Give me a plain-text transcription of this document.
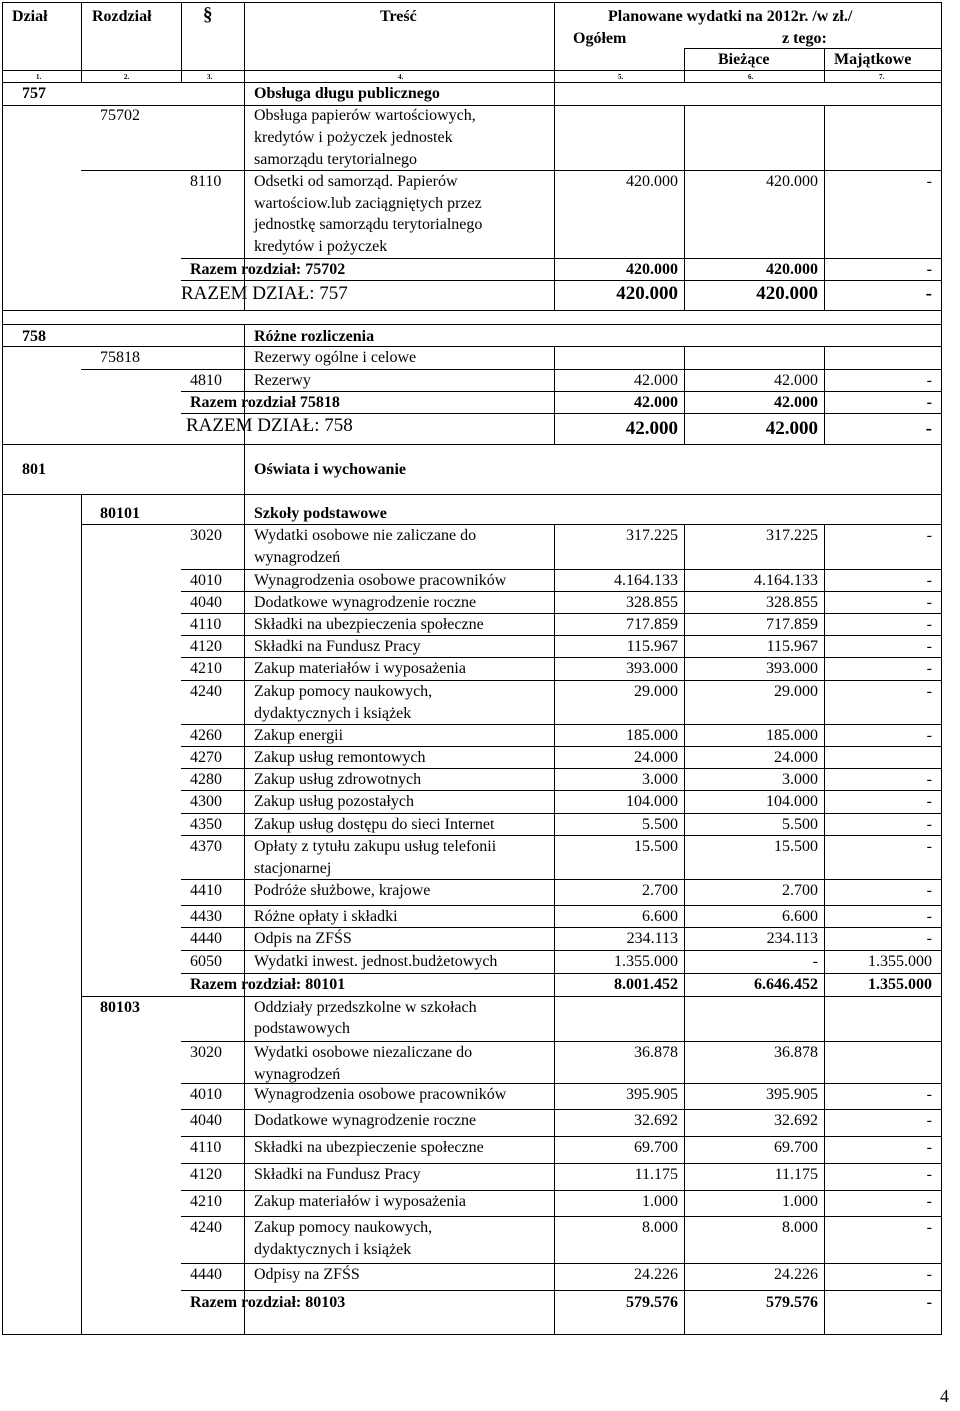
Dział	Rozdział	§	Treść	Planowane wydatki na 2012r. /w zł./
Ogółem	z tego:
Bieżące	Majątkowe
1.	2.	3.	4.	5.	6.	7.
757	Obsługa długu publicznego
75702	Obsługa papierów wartościowych,
kredytów i pożyczek jednostek
samorządu terytorialnego
8110 Odsetki od samorząd. Papierów
wartościow.lub zaciągniętych przez
jednostkę samorządu terytorialnego
kredytów i pożyczek
420.000	420.000	-
Razem rozdział: 75702	420.000	420.000	-
RAZEM DZIAŁ: 757	420.000	420.000	-
758	Różne rozliczenia
75818	Rezerwy ogólne i celowe
4810 Rezerwy	42.000	42.000	-
Razem rozdział 75818	42.000	42.000	-
RAZEM DZIAŁ: 758	42.000	42.000	-
801	Oświata i wychowanie
80101	Szkoły podstawowe
4
3020 Wydatki osobowe nie zaliczane do
wynagrodzeń
317.225	317.225	-
4010 Wynagrodzenia osobowe pracowników	4.164.133	4.164.133	-
4040 Dodatkowe wynagrodzenie roczne	328.855	328.855	-
4110 Składki na ubezpieczenia społeczne	717.859	717.859	-
4120 Składki na Fundusz Pracy	115.967	115.967	-
4210 Zakup materiałów i wyposażenia	393.000	393.000	-
4240 Zakup pomocy naukowych,
dydaktycznych i książek
29.000	29.000	-
4260 Zakup energii	185.000	185.000	-
4270 Zakup usług remontowych	24.000	24.000
4280 Zakup usług zdrowotnych	3.000	3.000	-
4300 Zakup usług pozostałych	104.000	104.000	-
4350 Zakup usług dostępu do sieci Internet	5.500	5.500	-
4370 Opłaty z tytułu zakupu usług telefonii
stacjonarnej
15.500	15.500	-
4410 Podróże służbowe, krajowe	2.700	2.700	-
4430 Różne opłaty i składki	6.600	6.600	-
4440 Odpis na ZFŚS	234.113	234.113	-
6050 Wydatki inwest. jednost.budżetowych	1.355.000	-	1.355.000
Razem rozdział: 80101	8.001.452	6.646.452	1.355.000
80103	Oddziały przedszkolne w szkołach
podstawowych
3020 Wydatki osobowe niezaliczane do
wynagrodzeń
36.878	36.878
4010 Wynagrodzenia osobowe pracowników	395.905	395.905	-
4040 Dodatkowe wynagrodzenie roczne	32.692	32.692	-
4110 Składki na ubezpieczenie społeczne	69.700	69.700	-
4120 Składki na Fundusz Pracy	11.175	11.175	-
4210 Zakup materiałów i wyposażenia	1.000	1.000	-
4240 Zakup pomocy naukowych,
dydaktycznych i książek
8.000	8.000	-
4440 Odpisy na ZFŚS	24.226	24.226	-
Razem rozdział: 80103	579.576	579.576	-
